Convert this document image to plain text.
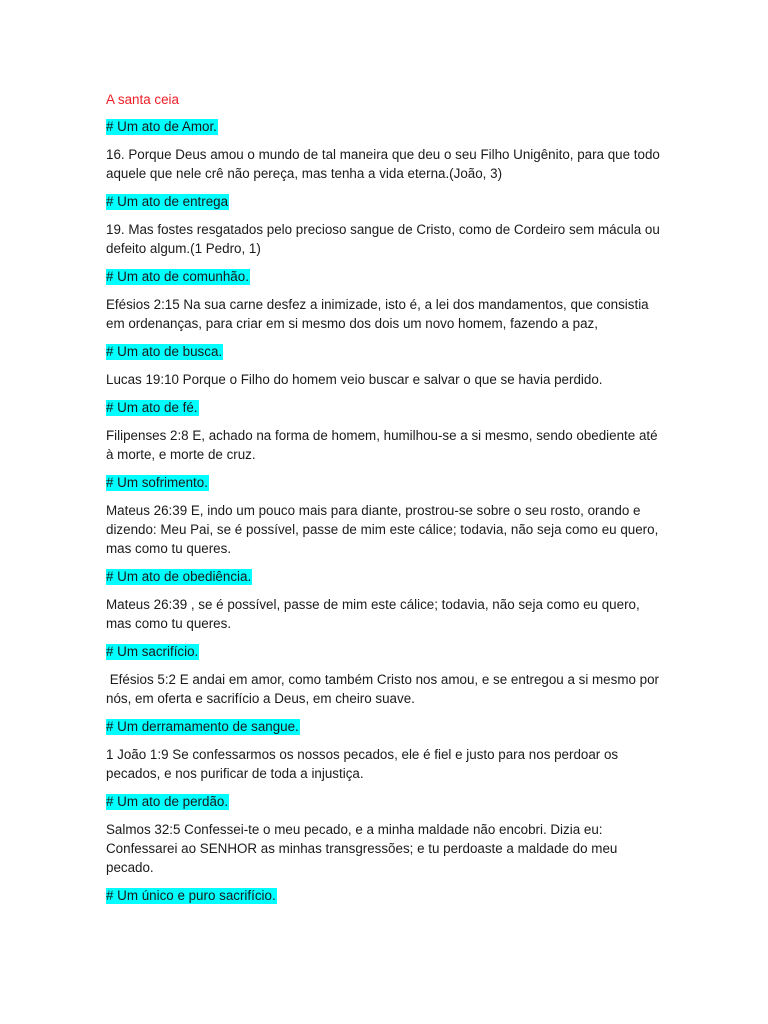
A santa ceia

# Um ato de Amor.

16. Porque Deus amou o mundo de tal maneira que deu o seu Filho Unigênito, para que todo aquele que nele crê não pereça, mas tenha a vida eterna.(João, 3)

# Um ato de entrega

19. Mas fostes resgatados pelo precioso sangue de Cristo, como de Cordeiro sem mácula ou defeito algum.(1 Pedro, 1)

# Um ato de comunhão.

Efésios 2:15 Na sua carne desfez a inimizade, isto é, a lei dos mandamentos, que consistia em ordenanças, para criar em si mesmo dos dois um novo homem, fazendo a paz,

# Um ato de busca.

Lucas 19:10 Porque o Filho do homem veio buscar e salvar o que se havia perdido.

# Um ato de fé.

Filipenses 2:8 E, achado na forma de homem, humilhou-se a si mesmo, sendo obediente até à morte, e morte de cruz.

# Um sofrimento.

Mateus 26:39 E, indo um pouco mais para diante, prostrou-se sobre o seu rosto, orando e dizendo: Meu Pai, se é possível, passe de mim este cálice; todavia, não seja como eu quero, mas como tu queres.

# Um ato de obediência.

Mateus 26:39 , se é possível, passe de mim este cálice; todavia, não seja como eu quero, mas como tu queres.

# Um sacrifício.

Efésios 5:2 E andai em amor, como também Cristo nos amou, e se entregou a si mesmo por nós, em oferta e sacrifício a Deus, em cheiro suave.

# Um derramamento de sangue.

1 João 1:9 Se confessarmos os nossos pecados, ele é fiel e justo para nos perdoar os pecados, e nos purificar de toda a injustiça.

# Um ato de perdão.

Salmos 32:5 Confessei-te o meu pecado, e a minha maldade não encobri. Dizia eu: Confessarei ao SENHOR as minhas transgressões; e tu perdoaste a maldade do meu pecado.

# Um único e puro sacrifício.
